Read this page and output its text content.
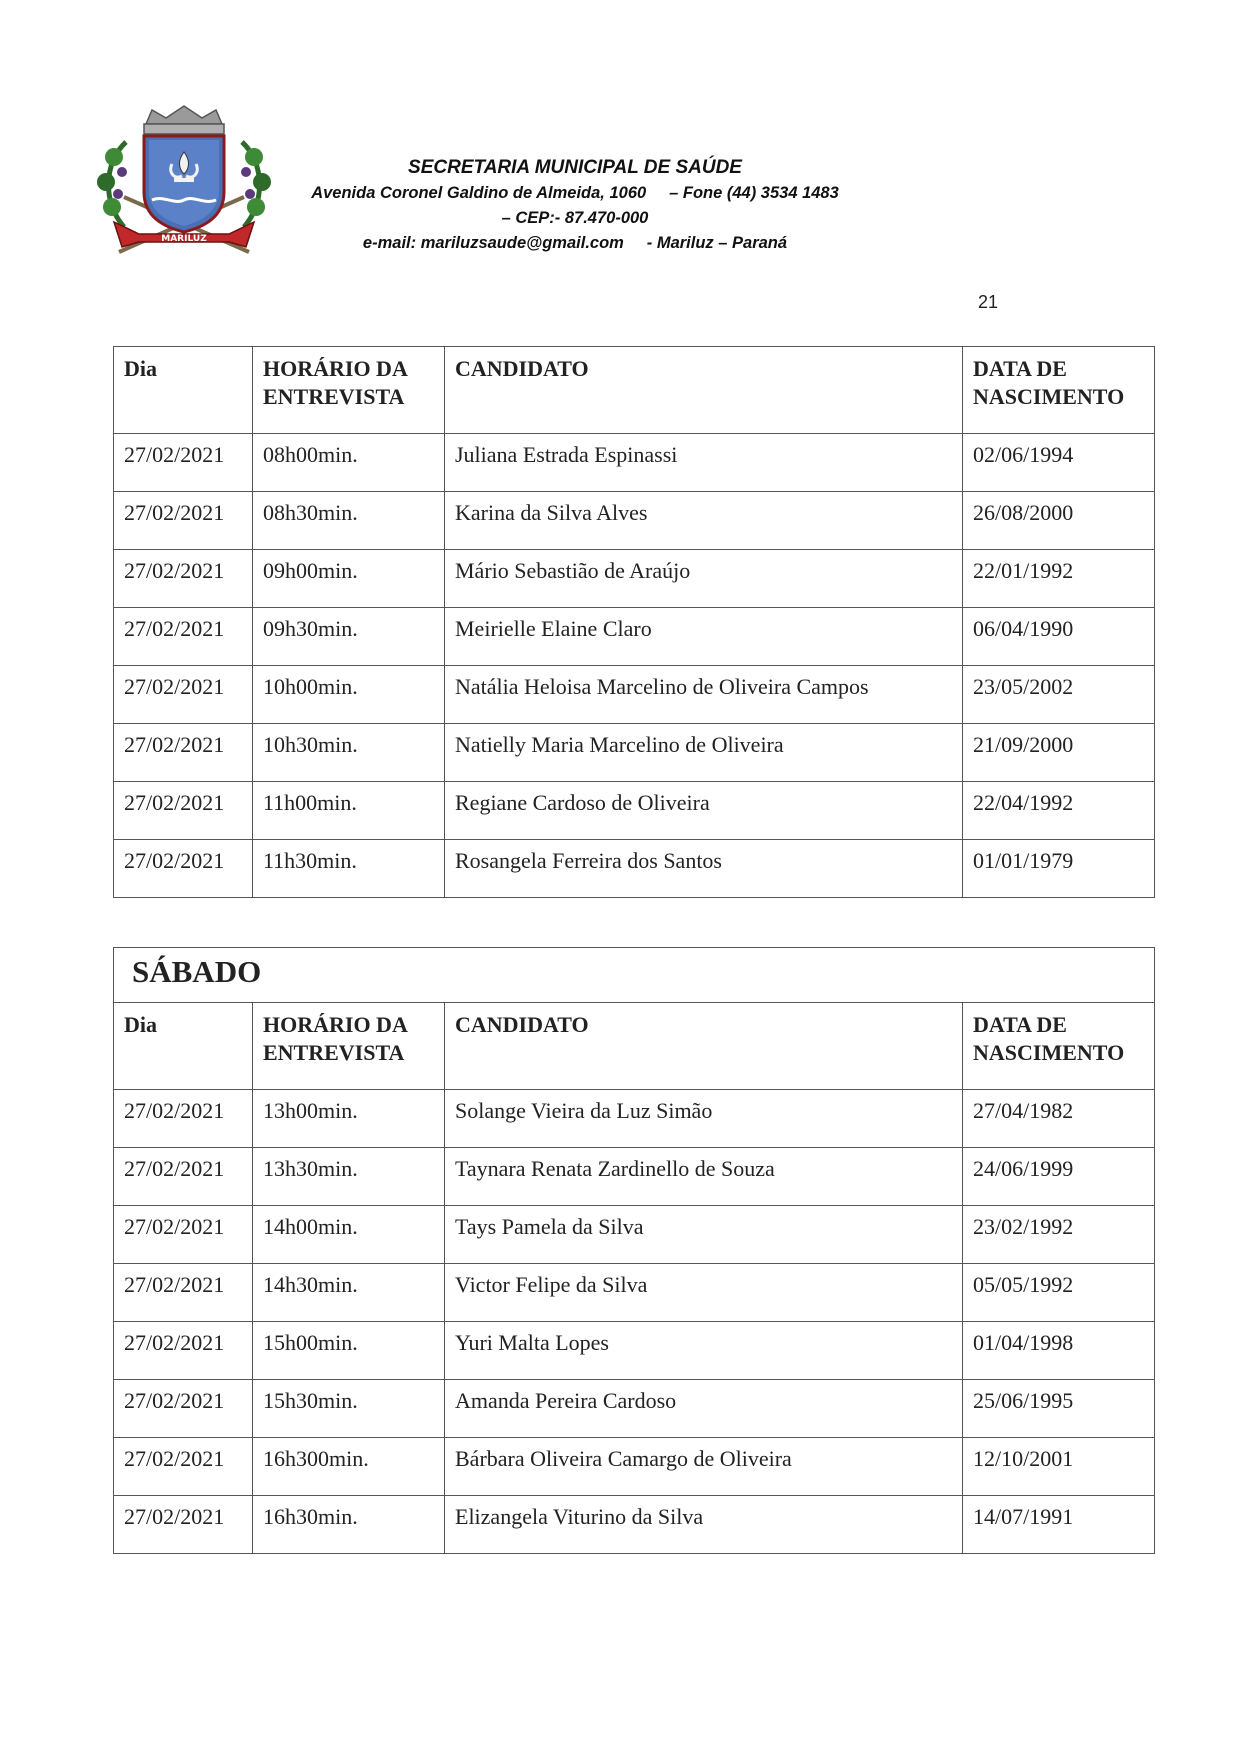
MARILUZ
SECRETARIA MUNICIPAL DE SAÚDE
Avenida Coronel Galdino de Almeida, 1060     – Fone (44) 3534 1483
– CEP:- 87.470-000
e-mail: mariluzsaude@gmail.com     - Mariluz – Paraná
21
Dia	HORÁRIO DA ENTREVISTA	CANDIDATO	DATA DE NASCIMENTO
27/02/2021	08h00min.	Juliana Estrada Espinassi	02/06/1994
27/02/2021	08h30min.	Karina da Silva Alves	26/08/2000
27/02/2021	09h00min.	Mário Sebastião de Araújo	22/01/1992
27/02/2021	09h30min.	Meirielle Elaine Claro	06/04/1990
27/02/2021	10h00min.	Natália Heloisa Marcelino de Oliveira Campos	23/05/2002
27/02/2021	10h30min.	Natielly Maria Marcelino de Oliveira	21/09/2000
27/02/2021	11h00min.	Regiane Cardoso de Oliveira	22/04/1992
27/02/2021	11h30min.	Rosangela Ferreira dos Santos	01/01/1979
SÁBADO			
Dia	HORÁRIO DA ENTREVISTA	CANDIDATO	DATA DE NASCIMENTO
27/02/2021	13h00min.	Solange Vieira da Luz Simão	27/04/1982
27/02/2021	13h30min.	Taynara Renata Zardinello de Souza	24/06/1999
27/02/2021	14h00min.	Tays Pamela da Silva	23/02/1992
27/02/2021	14h30min.	Victor Felipe da Silva	05/05/1992
27/02/2021	15h00min.	Yuri Malta Lopes	01/04/1998
27/02/2021	15h30min.	Amanda Pereira Cardoso	25/06/1995
27/02/2021	16h300min.	Bárbara Oliveira Camargo de Oliveira	12/10/2001
27/02/2021	16h30min.	Elizangela Viturino da Silva	14/07/1991
